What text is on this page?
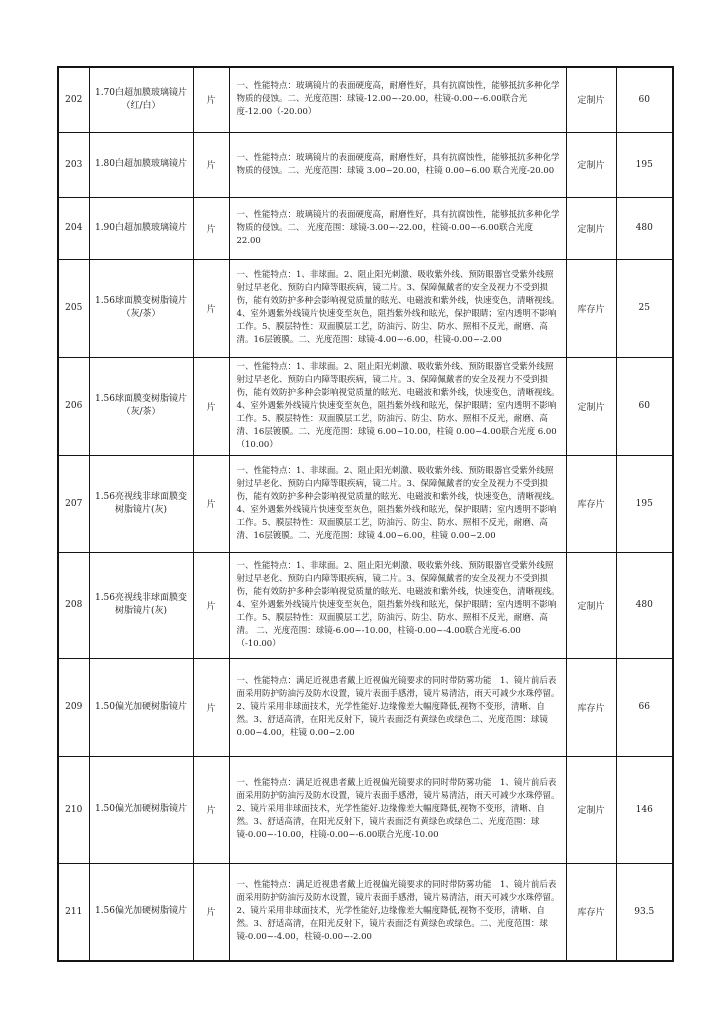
202	1.70白超加膜玻璃镜片（红/白）	片	一、性能特点：玻璃镜片的表面硬度高，耐磨性好，具有抗腐蚀性，能够抵抗多种化学物质的侵蚀。二、光度范围：球镜-12.00~-20.00，柱镜-0.00~-6.00联合光度-12.00（-20.00）	定制片	60
203	1.80白超加膜玻璃镜片	片	一、性能特点：玻璃镜片的表面硬度高，耐磨性好，具有抗腐蚀性，能够抵抗多种化学物质的侵蚀。二、光度范围：球镜 3.00~20.00，柱镜 0.00~6.00 联合光度-20.00	定制片	195
204	1.90白超加膜玻璃镜片	片	一、性能特点：玻璃镜片的表面硬度高，耐磨性好，具有抗腐蚀性，能够抵抗多种化学物质的侵蚀。二、 光度范围：球镜-3.00~-22.00，柱镜-0.00~-6.00联合光度 22.00	定制片	480
205	1.56球面膜变树脂镜片（灰/茶）	片	一、性能特点：1、非球面。2、阻止阳光刺激、吸收紫外线、预防眼器官受紫外线照射过早老化、预防白内障等眼疾病，镜二片。3、保障佩戴者的安全及视力不受到损伤，能有效防护多种会影响视觉质量的眩光、电磁波和紫外线，快速变色，清晰视线。4、室外遇紫外线镜片快速变至灰色，阻挡紫外线和眩光，保护眼睛；室内透明不影响工作。5、膜层特性：双面膜层工艺，防油污、防尘、防水、照相不反光，耐磨、高清。16层镀膜。二、光度范围：球镜-4.00~-6.00，柱镜-0.00~-2.00	库存片	25
206	1.56球面膜变树脂镜片（灰/茶）	片	一、性能特点：1、非球面。2、阻止阳光刺激、吸收紫外线、预防眼器官受紫外线照射过早老化、预防白内障等眼疾病，镜二片。3、保障佩戴者的安全及视力不受到损伤，能有效防护多种会影响视觉质量的眩光、电磁波和紫外线，快速变色，清晰视线。4、室外遇紫外线镜片快速变至灰色，阻挡紫外线和眩光，保护眼睛；室内透明不影响工作。5、膜层特性：双面膜层工艺，防油污、防尘、防水、照相不反光，耐磨、高清、16层镀膜。二、光度范围：球镜 6.00~10.00，柱镜 0.00~4.00联合光度 6.00（10.00）	定制片	60
207	1.56亮视线非球面膜变树脂镜片(灰)	片	一、性能特点：1、非球面。2、阻止阳光刺激、吸收紫外线、预防眼器官受紫外线照射过早老化、预防白内障等眼疾病，镜二片。3、保障佩戴者的安全及视力不受到损伤，能有效防护多种会影响视觉质量的眩光、电磁波和紫外线，快速变色，清晰视线。4、室外遇紫外线镜片快速变至灰色，阻挡紫外线和眩光，保护眼睛；室内透明不影响工作。5、膜层特性：双面膜层工艺，防油污、防尘、防水、照相不反光，耐磨、高清、16层镀膜。二、光度范围：球镜 4.00~6.00，柱镜 0.00~2.00	库存片	195
208	1.56亮视线非球面膜变树脂镜片(灰)	片	一、性能特点：1、非球面。2、阻止阳光刺激、吸收紫外线、预防眼器官受紫外线照射过早老化、预防白内障等眼疾病，镜二片。3、保障佩戴者的安全及视力不受到损伤，能有效防护多种会影响视觉质量的眩光、电磁波和紫外线，快速变色，清晰视线。4、室外遇紫外线镜片快速变至灰色，阻挡紫外线和眩光，保护眼睛；室内透明不影响工作。5、膜层特性：双面膜层工艺，防油污、防尘、防水、照相不反光，耐磨、高清。 二、光度范围：球镜-6.00~-10.00，柱镜-0.00~-4.00联合光度-6.00（-10.00）	定制片	480
209	1.50偏光加硬树脂镜片	片	一、性能特点：满足近视患者戴上近视偏光镜要求的同时带防雾功能　1、镜片前后表面采用防护防油污及防水设置，镜片表面手感滑，镜片易清洁，雨天可减少水珠停留。2、镜片采用非球面技术，光学性能好.边缘像差大幅度降低,视物不变形，清晰、自然。3、舒适高清，在阳光反射下，镜片表面泛有黄绿色或绿色二、光度范围：球镜 0.00~4.00，柱镜 0.00~2.00	库存片	66
210	1.50偏光加硬树脂镜片	片	一、性能特点：满足近视患者戴上近视偏光镜要求的同时带防雾功能　1、镜片前后表面采用防护防油污及防水设置，镜片表面手感滑，镜片易清洁，雨天可减少水珠停留。2、镜片采用非球面技术，光学性能好.边缘像差大幅度降低,视物不变形，清晰、自然。3、舒适高清，在阳光反射下，镜片表面泛有黄绿色或绿色二、光度范围：球镜-0.00~-10.00，柱镜-0.00~-6.00联合光度-10.00	定制片	146
211	1.56偏光加硬树脂镜片	片	一、性能特点：满足近视患者戴上近视偏光镜要求的同时带防雾功能　1、镜片前后表面采用防护防油污及防水设置，镜片表面手感滑，镜片易清洁，雨天可减少水珠停留。2、镜片采用非球面技术，光学性能好,边缘像差大幅度降低,视物不变形，清晰、自然。3、舒适高清，在阳光反射下，镜片表面泛有黄绿色或绿色。二、光度范围：球镜-0.00~-4.00，柱镜-0.00~-2.00	库存片	93.5
